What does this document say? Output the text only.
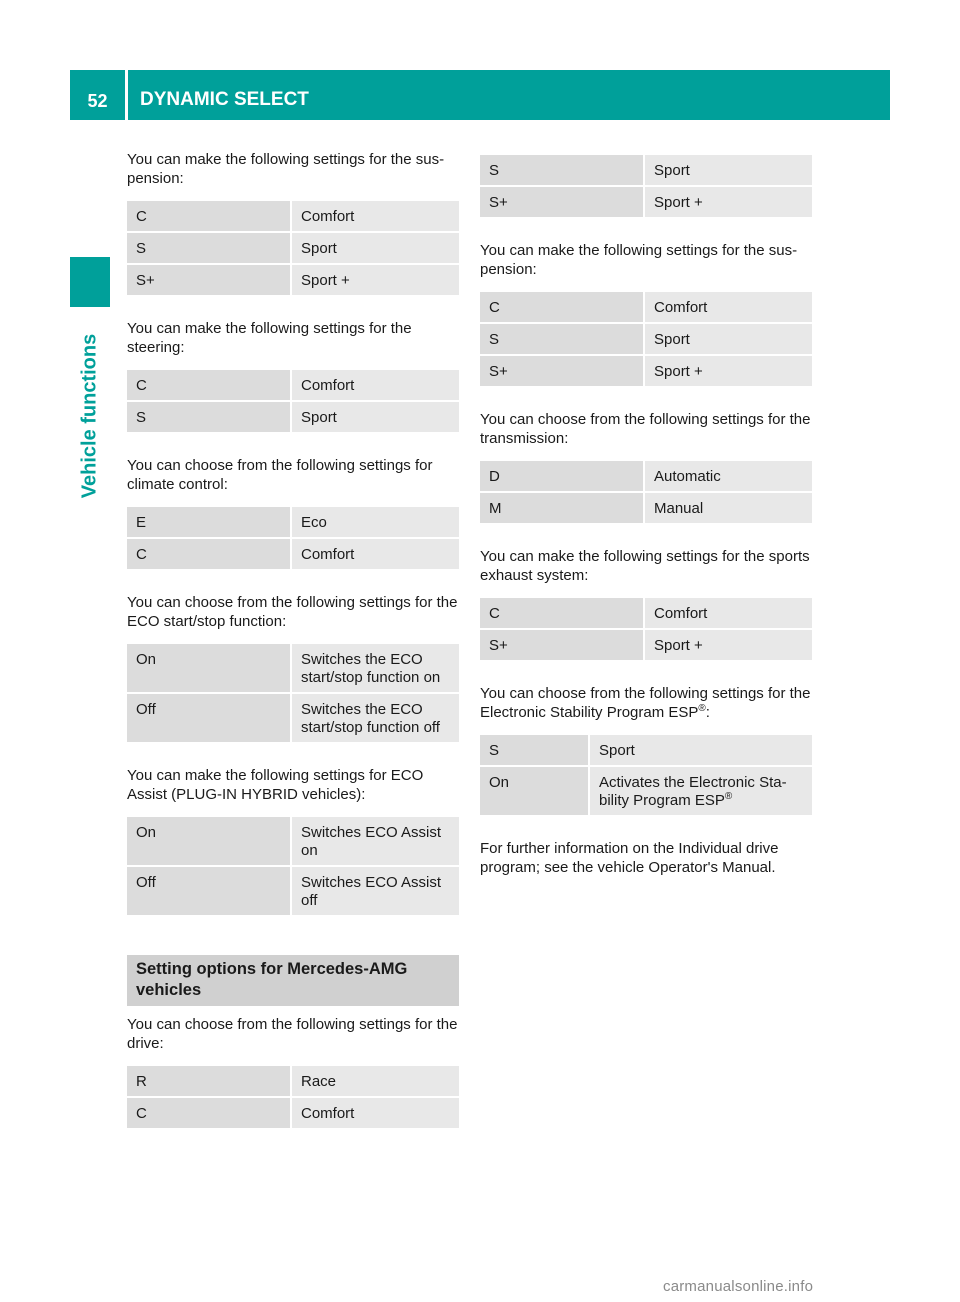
52	DYNAMIC SELECT
Vehicle functions

You can make the following settings for the sus-pension:

C	Comfort
S	Sport
S+	Sport +

You can make the following settings for the steering:

C	Comfort
S	Sport

You can choose from the following settings for climate control:

E	Eco
C	Comfort

You can choose from the following settings for the ECO start/stop function:

On	Switches the ECO start/stop function on
Off	Switches the ECO start/stop function off

You can make the following settings for ECO Assist (PLUG-IN HYBRID vehicles):

On	Switches ECO Assist on
Off	Switches ECO Assist off
Setting options for Mercedes-AMG vehicles

You can choose from the following settings for the drive:

R	Race
C	Comfort
S	Sport
S+	Sport +

You can make the following settings for the sus-pension:

C	Comfort
S	Sport
S+	Sport +

You can choose from the following settings for the transmission:

D	Automatic
M	Manual

You can make the following settings for the sports exhaust system:

C	Comfort
S+	Sport +

You can choose from the following settings for the Electronic Stability Program ESP®:

S	Sport
On	Activates the Electronic Sta-bility Program ESP®

For further information on the Individual drive program; see the vehicle Operator's Manual.

carmanualsonline.info
